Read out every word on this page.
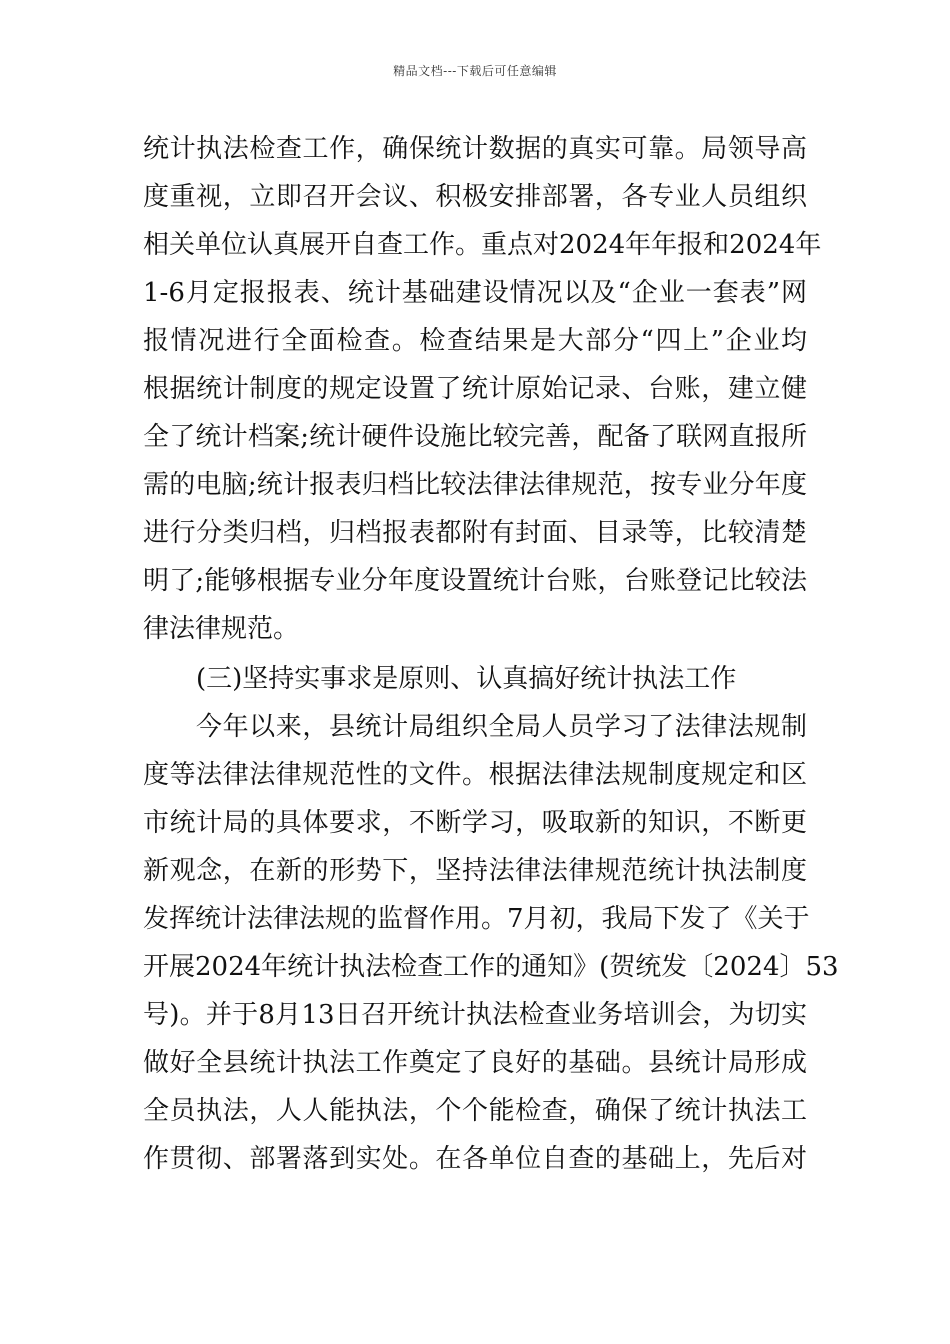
精品文档---下载后可任意编辑
统计执法检查工作，确保统计数据的真实可靠。局领导高
度重视，立即召开会议、积极安排部署，各专业人员组织
相关单位认真展开自查工作。重点对2024年年报和2024年
1-6月定报报表、统计基础建设情况以及“企业一套表”网
报情况进行全面检查。检查结果是大部分“四上”企业均
根据统计制度的规定设置了统计原始记录、台账，建立健
全了统计档案;统计硬件设施比较完善，配备了联网直报所
需的电脑;统计报表归档比较法律法律规范，按专业分年度
进行分类归档，归档报表都附有封面、目录等，比较清楚
明了;能够根据专业分年度设置统计台账，台账登记比较法
律法律规范。
(三)坚持实事求是原则、认真搞好统计执法工作
今年以来，县统计局组织全局人员学习了法律法规制
度等法律法律规范性的文件。根据法律法规制度规定和区
市统计局的具体要求，不断学习，吸取新的知识，不断更
新观念，在新的形势下，坚持法律法律规范统计执法制度
发挥统计法律法规的监督作用。7月初，我局下发了《关于
开展2024年统计执法检查工作的通知》(贺统发〔2024〕53
号)。并于8月13日召开统计执法检查业务培训会，为切实
做好全县统计执法工作奠定了良好的基础。县统计局形成
全员执法，人人能执法，个个能检查，确保了统计执法工
作贯彻、部署落到实处。在各单位自查的基础上，先后对
